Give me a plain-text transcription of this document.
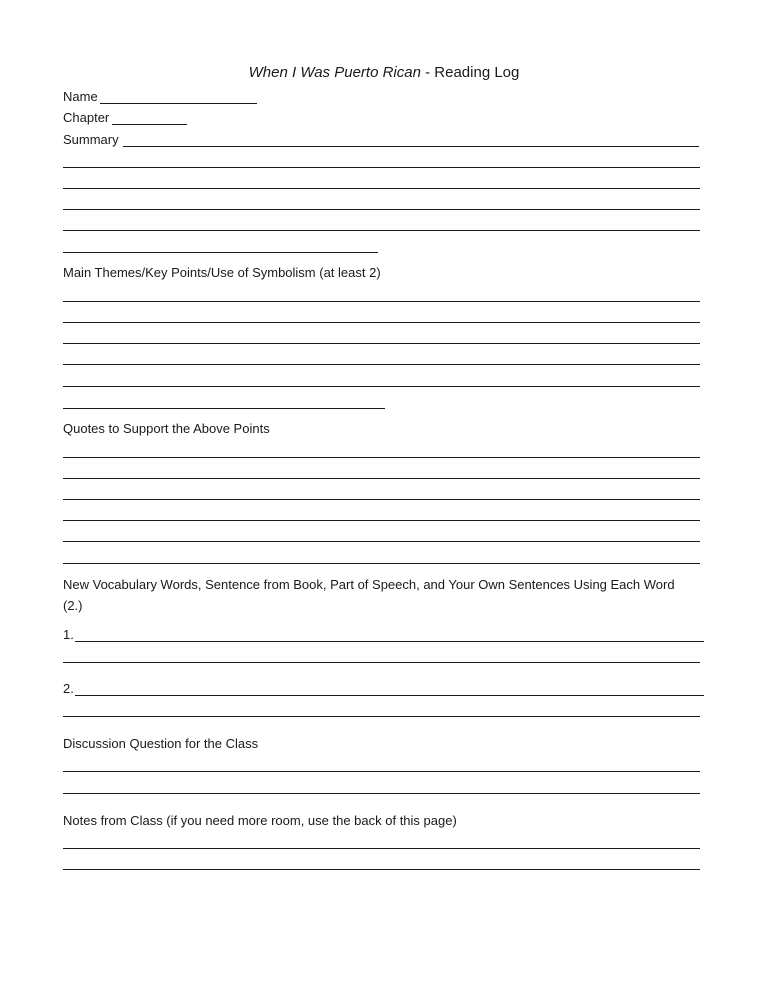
When I Was Puerto Rican - Reading Log
Name
Chapter
Summary
Main Themes/Key Points/Use of Symbolism (at least 2)
Quotes to Support the Above Points
New Vocabulary Words, Sentence from Book, Part of Speech, and Your Own Sentences Using Each Word
(2.)
1.
2.
Discussion Question for the Class
Notes from Class (if you need more room, use the back of this page)
